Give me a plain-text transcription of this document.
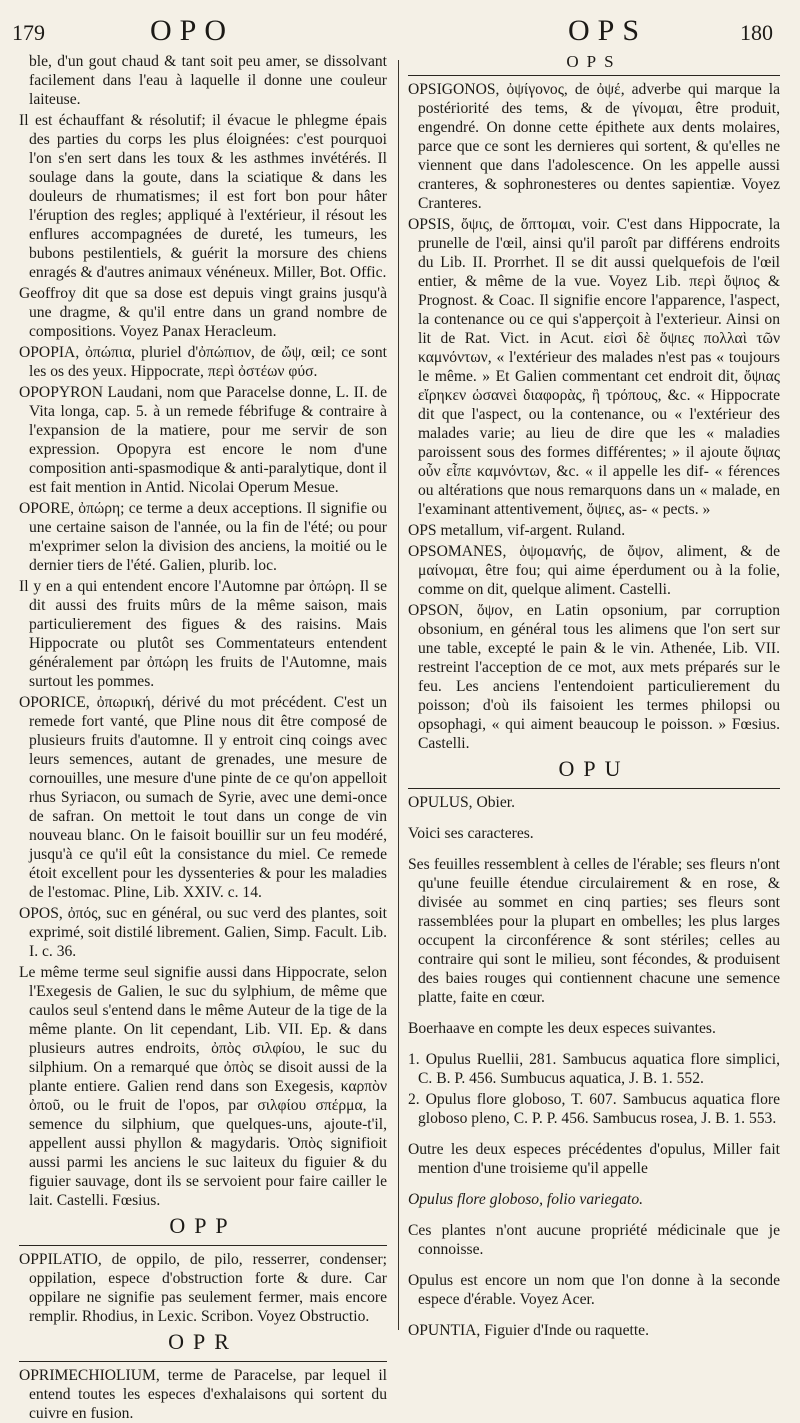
179	OPO	OPS	180

ble, d'un gout chaud & tant soit peu amer, se dissolvant facilement dans l'eau à laquelle il donne une couleur laiteuse.

Il est échauffant & résolutif; il évacue le phlegme épais des parties du corps les plus éloignées: c'est pourquoi l'on s'en sert dans les toux & les asthmes invétérés. Il soulage dans la goute, dans la sciatique & dans les douleurs de rhumatismes; il est fort bon pour hâter l'éruption des regles; appliqué à l'extérieur, il résout les enflures accompagnées de dureté, les tumeurs, les bubons pestilentiels, & guérit la morsure des chiens enragés & d'autres animaux vénéneux. Miller, Bot. Offic.

Geoffroy dit que sa dose est depuis vingt grains jusqu'à une dragme, & qu'il entre dans un grand nombre de compositions. Voyez Panax Heracleum.

OPOPIA, ὀπώπια, pluriel d'ὀπώπιον, de ὤψ, œil; ce sont les os des yeux. Hippocrate, περὶ ὀστέων φύσ.

OPOPYRON Laudani, nom que Paracelse donne, L. II. de Vita longa, cap. 5. à un remede fébrifuge & contraire à l'expansion de la matiere, pour me servir de son expression. Opopyra est encore le nom d'une composition anti-spasmodique & anti-paralytique, dont il est fait mention in Antid. Nicolai Operum Mesue.

OPORE, ὀπώρη; ce terme a deux acceptions. Il signifie ou une certaine saison de l'année, ou la fin de l'été; ou pour m'exprimer selon la division des anciens, la moitié ou le dernier tiers de l'été. Galien, plurib. loc.

Il y en a qui entendent encore l'Automne par ὀπώρη. Il se dit aussi des fruits mûrs de la même saison, mais particulierement des figues & des raisins. Mais Hippocrate ou plutôt ses Commentateurs entendent généralement par ὀπώρη les fruits de l'Automne, mais surtout les pommes.

OPORICE, ὀπωρική, dérivé du mot précédent. C'est un remede fort vanté, que Pline nous dit être composé de plusieurs fruits d'automne. Il y entroit cinq coings avec leurs semences, autant de grenades, une mesure de cornouilles, une mesure d'une pinte de ce qu'on appelloit rhus Syriacon, ou sumach de Syrie, avec une demi-once de safran. On mettoit le tout dans un conge de vin nouveau blanc. On le faisoit bouillir sur un feu modéré, jusqu'à ce qu'il eût la consistance du miel. Ce remede étoit excellent pour les dyssenteries & pour les maladies de l'estomac. Pline, Lib. XXIV. c. 14.

OPOS, ὀπός, suc en général, ou suc verd des plantes, soit exprimé, soit distilé librement. Galien, Simp. Facult. Lib. I. c. 36.

Le même terme seul signifie aussi dans Hippocrate, selon l'Exegesis de Galien, le suc du sylphium, de même que caulos seul s'entend dans le même Auteur de la tige de la même plante. On lit cependant, Lib. VII. Ep. & dans plusieurs autres endroits, ὀπὸς σιλφίου, le suc du silphium. On a remarqué que ὀπὸς se disoit aussi de la plante entiere. Galien rend dans son Exegesis, καρπὸν ὀποῦ, ou le fruit de l'opos, par σιλφίου σπέρμα, la semence du silphium, que quelques-uns, ajoute-t'il, appellent aussi phyllon & magydaris. Ὀπὸς signifioit aussi parmi les anciens le suc laiteux du figuier & du figuier sauvage, dont ils se servoient pour faire cailler le lait. Castelli. Fœsius.

OPP

OPPILATIO, de oppilo, de pilo, resserrer, condenser; oppilation, espece d'obstruction forte & dure. Car oppilare ne signifie pas seulement fermer, mais encore remplir. Rhodius, in Lexic. Scribon. Voyez Obstructio.

OPR

OPRIMECHIOLIUM, terme de Paracelse, par lequel il entend toutes les especes d'exhalaisons qui sortent du cuivre en fusion.

OPS

OPSIGONOS, ὀψίγονος, de ὀψέ, adverbe qui marque la postériorité des tems, & de γίνομαι, être produit, engendré. On donne cette épithete aux dents molaires, parce que ce sont les dernieres qui sortent, & qu'elles ne viennent que dans l'adolescence. On les appelle aussi cranteres, & sophronesteres ou dentes sapientiæ. Voyez Cranteres.

OPSIS, ὄψις, de ὄπτομαι, voir. C'est dans Hippocrate, la prunelle de l'œil, ainsi qu'il paroît par différens endroits du Lib. II. Prorrhet. Il se dit aussi quelquefois de l'œil entier, & même de la vue. Voyez Lib. περὶ ὄψιος & Prognost. & Coac. Il signifie encore l'apparence, l'aspect, la contenance ou ce qui s'apperçoit à l'exterieur. Ainsi on lit de Rat. Vict. in Acut. εἰσὶ δὲ ὄψιες πολλαὶ τῶν καμνόντων, « l'extérieur des malades n'est pas « toujours le même. » Et Galien commentant cet endroit dit, ὄψιας εἴρηκεν ὡσανεὶ διαφορὰς, ἢ τρόπους, &c. « Hippocrate dit que l'aspect, ou la contenance, ou « l'extérieur des malades varie; au lieu de dire que les « maladies paroissent sous des formes différentes; » il ajoute ὄψιας οὖν εἶπε καμνόντων, &c. « il appelle les dif- « férences ou altérations que nous remarquons dans un « malade, en l'examinant attentivement, ὄψιες, as- « pects. »

OPS metallum, vif-argent. Ruland.

OPSOMANES, ὀψομανής, de ὄψον, aliment, & de μαίνομαι, être fou; qui aime éperdument ou à la folie, comme on dit, quelque aliment. Castelli.

OPSON, ὄψον, en Latin opsonium, par corruption obsonium, en général tous les alimens que l'on sert sur une table, excepté le pain & le vin. Athenée, Lib. VII. restreint l'acception de ce mot, aux mets préparés sur le feu. Les anciens l'entendoient particulierement du poisson; d'où ils faisoient les termes philopsi ou opsophagi, « qui aiment beaucoup le poisson. » Fœsius. Castelli.

OPU

OPULUS, Obier.

Voici ses caracteres.

Ses feuilles ressemblent à celles de l'érable; ses fleurs n'ont qu'une feuille étendue circulairement & en rose, & divisée au sommet en cinq parties; ses fleurs sont rassemblées pour la plupart en ombelles; les plus larges occupent la circonférence & sont stériles; celles au contraire qui sont le milieu, sont fécondes, & produisent des baies rouges qui contiennent chacune une semence platte, faite en cœur.

Boerhaave en compte les deux especes suivantes.

1. Opulus Ruellii, 281. Sambucus aquatica flore simplici, C. B. P. 456. Sumbucus aquatica, J. B. 1. 552.

2. Opulus flore globoso, T. 607. Sambucus aquatica flore globoso pleno, C. P. P. 456. Sambucus rosea, J. B. 1. 553.

Outre les deux especes précédentes d'opulus, Miller fait mention d'une troisieme qu'il appelle

Opulus flore globoso, folio variegato.

Ces plantes n'ont aucune propriété médicinale que je connoisse.

Opulus est encore un nom que l'on donne à la seconde espece d'érable. Voyez Acer.

OPUNTIA, Figuier d'Inde ou raquette.
